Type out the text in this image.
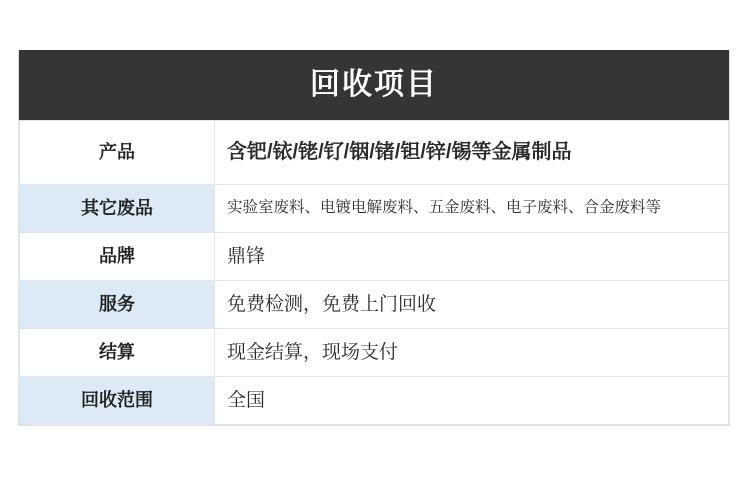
回收项目
产品	含钯/铱/铑/钌/铟/锗/钽/锌/锡等金属制品
其它废品	实验室废料、电镀电解废料、五金废料、电子废料、合金废料等
品牌	鼎锋
服务	免费检测，免费上门回收
结算	现金结算，现场支付
回收范围	全国
